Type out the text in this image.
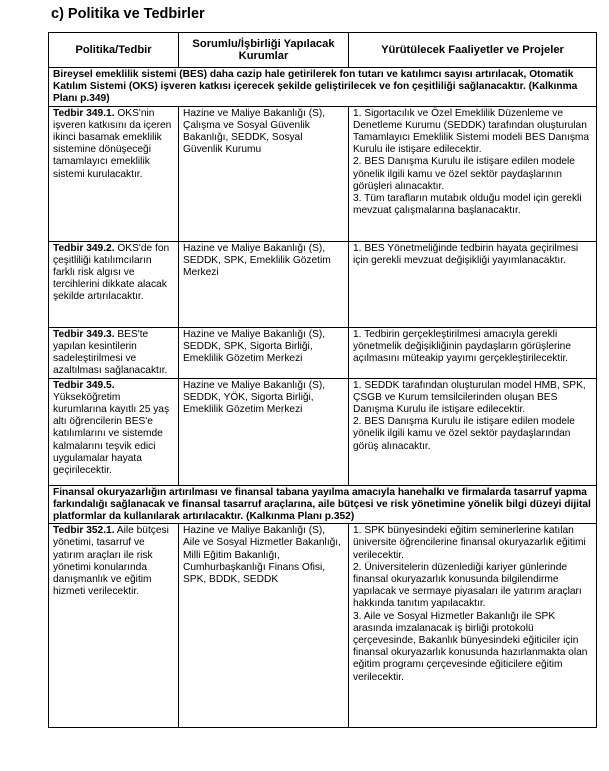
c) Politika ve Tedbirler
Politika/Tedbir	Sorumlu/İşbirliği Yapılacak Kurumlar	Yürütülecek Faaliyetler ve Projeler
Bireysel emeklilik sistemi (BES) daha cazip hale getirilerek fon tutarı ve katılımcı sayısı artırılacak, Otomatik Katılım Sistemi (OKS) işveren katkısı içerecek şekilde geliştirilecek ve fon çeşitliliği sağlanacaktır. (Kalkınma Planı p.349)		
Tedbir 349.1. OKS'nin işveren katkısını da içeren ikinci basamak emeklilik sistemine dönüşeceği tamamlayıcı emeklilik sistemi kurulacaktır.	Hazine ve Maliye Bakanlığı (S), Çalışma ve Sosyal Güvenlik Bakanlığı, SEDDK, Sosyal Güvenlik Kurumu	1. Sigortacılık ve Özel Emeklilik Düzenleme ve Denetleme Kurumu (SEDDK) tarafından oluşturulan Tamamlayıcı Emeklilik Sistemi modeli BES Danışma Kurulu ile istişare edilecektir.

2. BES Danışma Kurulu ile istişare edilen modele yönelik ilgili kamu ve özel sektör paydaşlarının görüşleri alınacaktır.

3. Tüm tarafların mutabık olduğu model için gerekli mevzuat çalışmalarına başlanacaktır.

Tedbir 349.2. OKS'de fon çeşitliliği katılımcıların farklı risk algısı ve tercihlerini dikkate alacak şekilde artırılacaktır.	Hazine ve Maliye Bakanlığı (S), SEDDK, SPK, Emeklilik Gözetim Merkezi	1. BES Yönetmeliğinde tedbirin hayata geçirilmesi için gerekli mevzuat değişikliği yayımlanacaktır.

Tedbir 349.3. BES'te yapılan kesintilerin sadeleştirilmesi ve azaltılması sağlanacaktır.	Hazine ve Maliye Bakanlığı (S), SEDDK, SPK, Sigorta Birliği, Emeklilik Gözetim Merkezi	1. Tedbirin gerçekleştirilmesi amacıyla gerekli yönetmelik değişikliğinin paydaşların görüşlerine açılmasını müteakip yayımı gerçekleştirilecektir.

Tedbir 349.5. Yükseköğretim kurumlarına kayıtlı 25 yaş altı öğrencilerin BES'e katılımlarını ve sistemde kalmalarını teşvik edici uygulamalar hayata geçirilecektir.	Hazine ve Maliye Bakanlığı (S), SEDDK, YÖK, Sigorta Birliği, Emeklilik Gözetim Merkezi	1. SEDDK tarafından oluşturulan model HMB, SPK, ÇSGB ve Kurum temsilcilerinden oluşan BES Danışma Kurulu ile istişare edilecektir.

2. BES Danışma Kurulu ile istişare edilen modele yönelik ilgili kamu ve özel sektör paydaşlarından görüş alınacaktır.

Finansal okuryazarlığın artırılması ve finansal tabana yayılma amacıyla hanehalkı ve firmalarda tasarruf yapma farkındalığı sağlanacak ve finansal tasarruf araçlarına, aile bütçesi ve risk yönetimine yönelik bilgi düzeyi dijital platformlar da kullanılarak artırılacaktır. (Kalkınma Planı p.352)		
Tedbir 352.1. Aile bütçesi yönetimi, tasarruf ve yatırım araçları ile risk yönetimi konularında danışmanlık ve eğitim hizmeti verilecektir.	Hazine ve Maliye Bakanlığı (S), Aile ve Sosyal Hizmetler Bakanlığı, Milli Eğitim Bakanlığı, Cumhurbaşkanlığı Finans Ofisi, SPK, BDDK, SEDDK	1. SPK bünyesindeki eğitim seminerlerine katılan üniversite öğrencilerine finansal okuryazarlık eğitimi verilecektir.

2. Üniversitelerin düzenlediği kariyer günlerinde finansal okuryazarlık konusunda bilgilendirme yapılacak ve sermaye piyasaları ile yatırım araçları hakkında tanıtım yapılacaktır.

3. Aile ve Sosyal Hizmetler Bakanlığı ile SPK arasında imzalanacak iş birliği protokolü çerçevesinde, Bakanlık bünyesindeki eğiticiler için finansal okuryazarlık konusunda hazırlanmakta olan eğitim programı çerçevesinde eğiticilere eğitim verilecektir.
